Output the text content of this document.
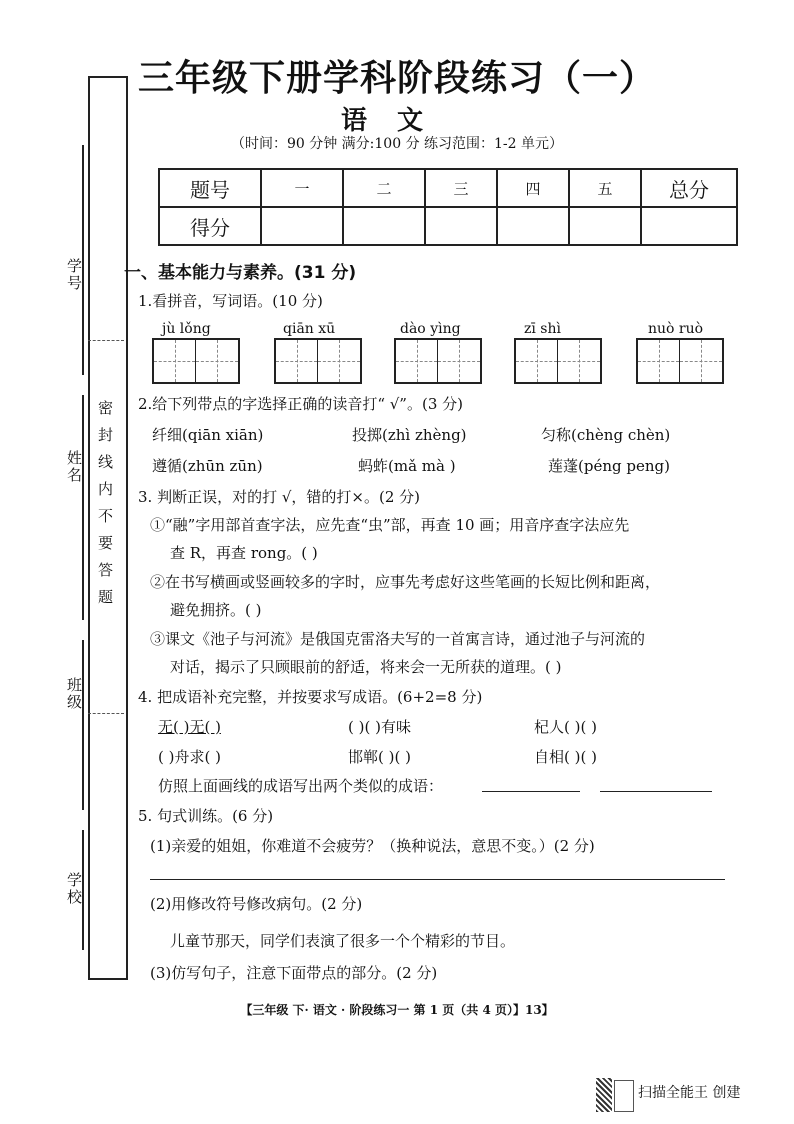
学号
姓名
班级
学校
密封线内不要答题
三年级下册学科阶段练习（一）
语文
（时间：90 分钟 满分:100 分 练习范围：1-2 单元）
题号	一	二	三	四	五	总分
得分						
一、基本能力与素养。(31 分)
1.看拼音，写词语。(10 分)
jù lǒng	qiān xū	dào yìng	zī shì	nuò ruò
2.给下列带点的字选择正确的读音打“ √”。(3 分)
纤细(qiān xiān)	投掷(zhì zhèng)	匀称(chèng chèn)
遵循(zhūn zūn)	蚂蚱(mǎ mà )	莲蓬(péng peng)
3. 判断正误，对的打 √，错的打×。(2 分)
①“融”字用部首查字法，应先查“虫”部，再查 10 画；用音序查字法应先
查 R，再查 rong。( )
②在书写横画或竖画较多的字时，应事先考虑好这些笔画的长短比例和距离，
避免拥挤。( )
③课文《池子与河流》是俄国克雷洛夫写的一首寓言诗，通过池子与河流的
对话，揭示了只顾眼前的舒适，将来会一无所获的道理。( )
4. 把成语补充完整，并按要求写成语。(6+2=8 分)
无( )无( )	( )( )有味	杞人( )( )
( )舟求( )	邯郸( )( )	自相( )( )
仿照上面画线的成语写出两个类似的成语：
5. 句式训练。(6 分)
(1)亲爱的姐姐，你难道不会疲劳？（换种说法，意思不变。）(2 分)
(2)用修改符号修改病句。(2 分)
儿童节那天，同学们表演了很多一个个精彩的节目。
(3)仿写句子，注意下面带点的部分。(2 分)
【三年级 下· 语文 · 阶段练习一 第 1 页（共 4 页）】13】
扫描全能王 创建
